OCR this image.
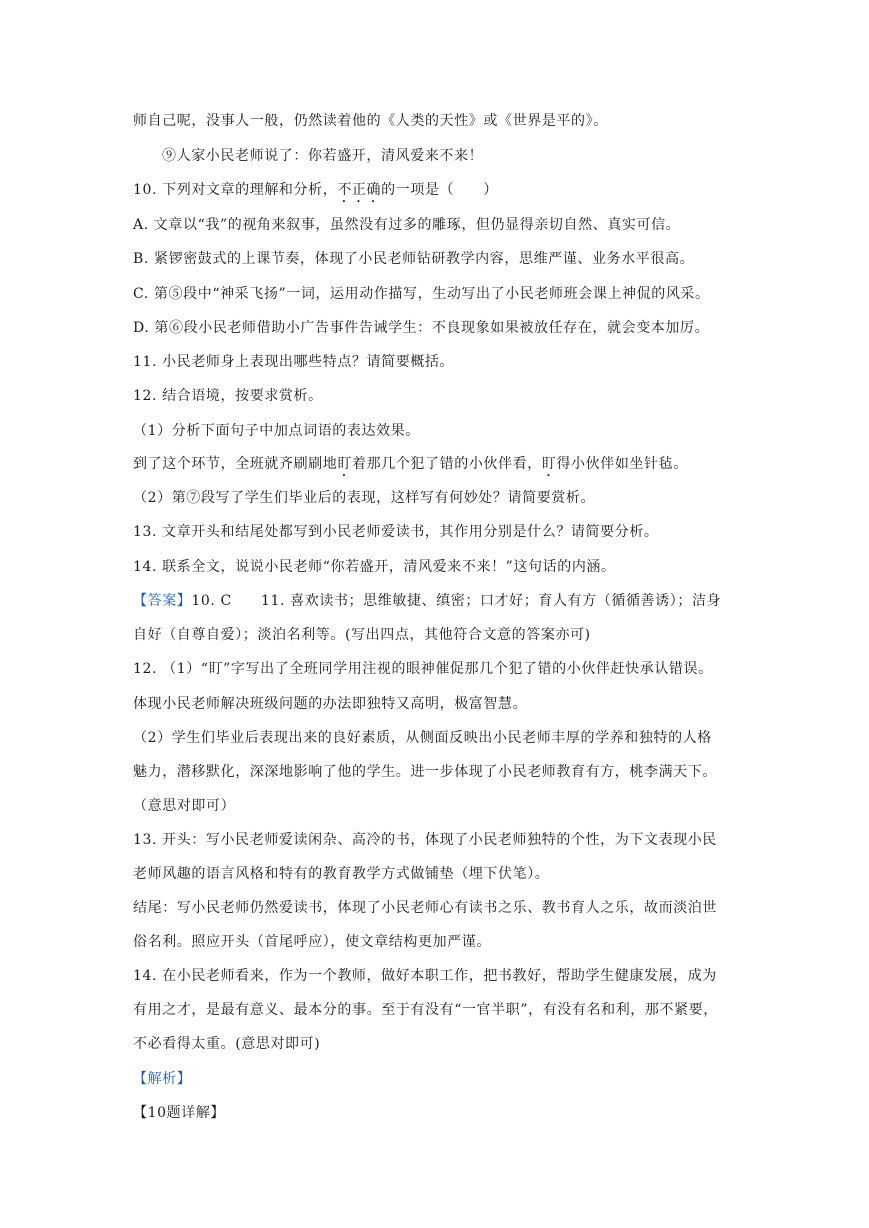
师自己呢，没事人一般，仍然读着他的《人类的天性》或《世界是平的》。
⑨人家小民老师说了：你若盛开，清风爱来不来！
10. 下列对文章的理解和分析，不正确的一项是（　　）
A. 文章以“我”的视角来叙事，虽然没有过多的雕琢，但仍显得亲切自然、真实可信。
B. 紧锣密鼓式的上课节奏，体现了小民老师钻研教学内容，思维严谨、业务水平很高。
C. 第⑤段中“神采飞扬”一词，运用动作描写，生动写出了小民老师班会课上神侃的风采。
D. 第⑥段小民老师借助小广告事件告诫学生：不良现象如果被放任存在，就会变本加厉。
11. 小民老师身上表现出哪些特点？请简要概括。
12. 结合语境，按要求赏析。
（1）分析下面句子中加点词语的表达效果。
到了这个环节，全班就齐刷刷地盯着那几个犯了错的小伙伴看，盯得小伙伴如坐针毡。
（2）第⑦段写了学生们毕业后的表现，这样写有何妙处？请简要赏析。
13. 文章开头和结尾处都写到小民老师爱读书，其作用分别是什么？请简要分析。
14. 联系全文，说说小民老师“你若盛开，清风爱来不来！”这句话的内涵。
【答案】10. C　　11. 喜欢读书；思维敏捷、缜密；口才好；育人有方（循循善诱）；洁身
自好（自尊自爱）；淡泊名利等。(写出四点，其他符合文意的答案亦可)
12. （1）“盯”字写出了全班同学用注视的眼神催促那几个犯了错的小伙伴赶快承认错误。
体现小民老师解决班级问题的办法即独特又高明，极富智慧。
（2）学生们毕业后表现出来的良好素质，从侧面反映出小民老师丰厚的学养和独特的人格
魅力，潜移默化，深深地影响了他的学生。进一步体现了小民老师教育有方，桃李满天下。
（意思对即可）
13. 开头：写小民老师爱读闲杂、高冷的书，体现了小民老师独特的个性，为下文表现小民
老师风趣的语言风格和特有的教育教学方式做铺垫（埋下伏笔）。
结尾：写小民老师仍然爱读书，体现了小民老师心有读书之乐、教书育人之乐，故而淡泊世
俗名利。照应开头（首尾呼应），使文章结构更加严谨。
14. 在小民老师看来，作为一个教师，做好本职工作，把书教好，帮助学生健康发展，成为
有用之才，是最有意义、最本分的事。至于有没有“一官半职”，有没有名和利，那不紧要，
不必看得太重。(意思对即可)
【解析】
【10题详解】
